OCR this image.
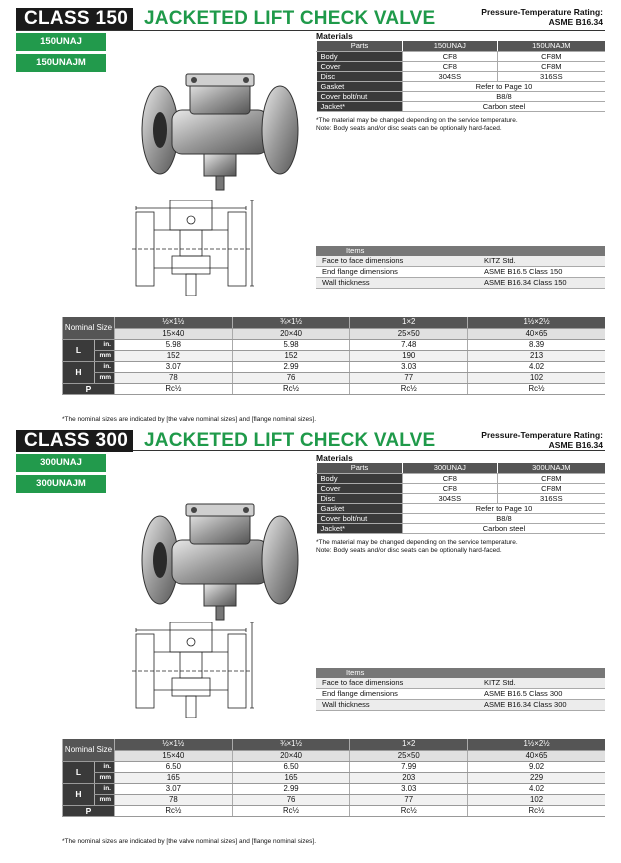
CLASS 150 JACKETED LIFT CHECK VALVE	Pressure-Temperature Rating:
ASME B16.34
150UNAJ
150UNAJM
Materials
Parts	150UNAJ	150UNAJM
Body	CF8	CF8M
Cover	CF8	CF8M
Disc	304SS	316SS
Gasket	Refer to Page 10	
Cover bolt/nut	B8/8	
Jacket*	Carbon steel	
*The material may be changed depending on the service temperature.
Note: Body seats and/or disc seats can be optionally hard-faced.
Items
Face to face dimensions	KITZ Std.
End flange dimensions	ASME B16.5 Class 150
Wall thickness	ASME B16.34 Class 150
Nominal Size		½×1½	¾×1½	1×2	1½×2½
		15×40	20×40	25×50	40×65
L	in.	5.98	5.98	7.48	8.39
	mm	152	152	190	213
H	in.	3.07	2.99	3.03	4.02
	mm	78	76	77	102
P		Rc½	Rc½	Rc½	Rc½
*The nominal sizes are indicated by [the valve nominal sizes] and [flange nominal sizes].
CLASS 300 JACKETED LIFT CHECK VALVE	Pressure-Temperature Rating:
ASME B16.34
300UNAJ
300UNAJM
Materials
Parts	300UNAJ	300UNAJM
Body	CF8	CF8M
Cover	CF8	CF8M
Disc	304SS	316SS
Gasket	Refer to Page 10	
Cover bolt/nut	B8/8	
Jacket*	Carbon steel	
*The material may be changed depending on the service temperature.
Note: Body seats and/or disc seats can be optionally hard-faced.
Items
Face to face dimensions	KITZ Std.
End flange dimensions	ASME B16.5 Class 300
Wall thickness	ASME B16.34 Class 300
Nominal Size		½×1½	¾×1½	1×2	1½×2½
		15×40	20×40	25×50	40×65
L	in.	6.50	6.50	7.99	9.02
	mm	165	165	203	229
H	in.	3.07	2.99	3.03	4.02
	mm	78	76	77	102
P		Rc½	Rc½	Rc½	Rc½
*The nominal sizes are indicated by [the valve nominal sizes] and [flange nominal sizes].
